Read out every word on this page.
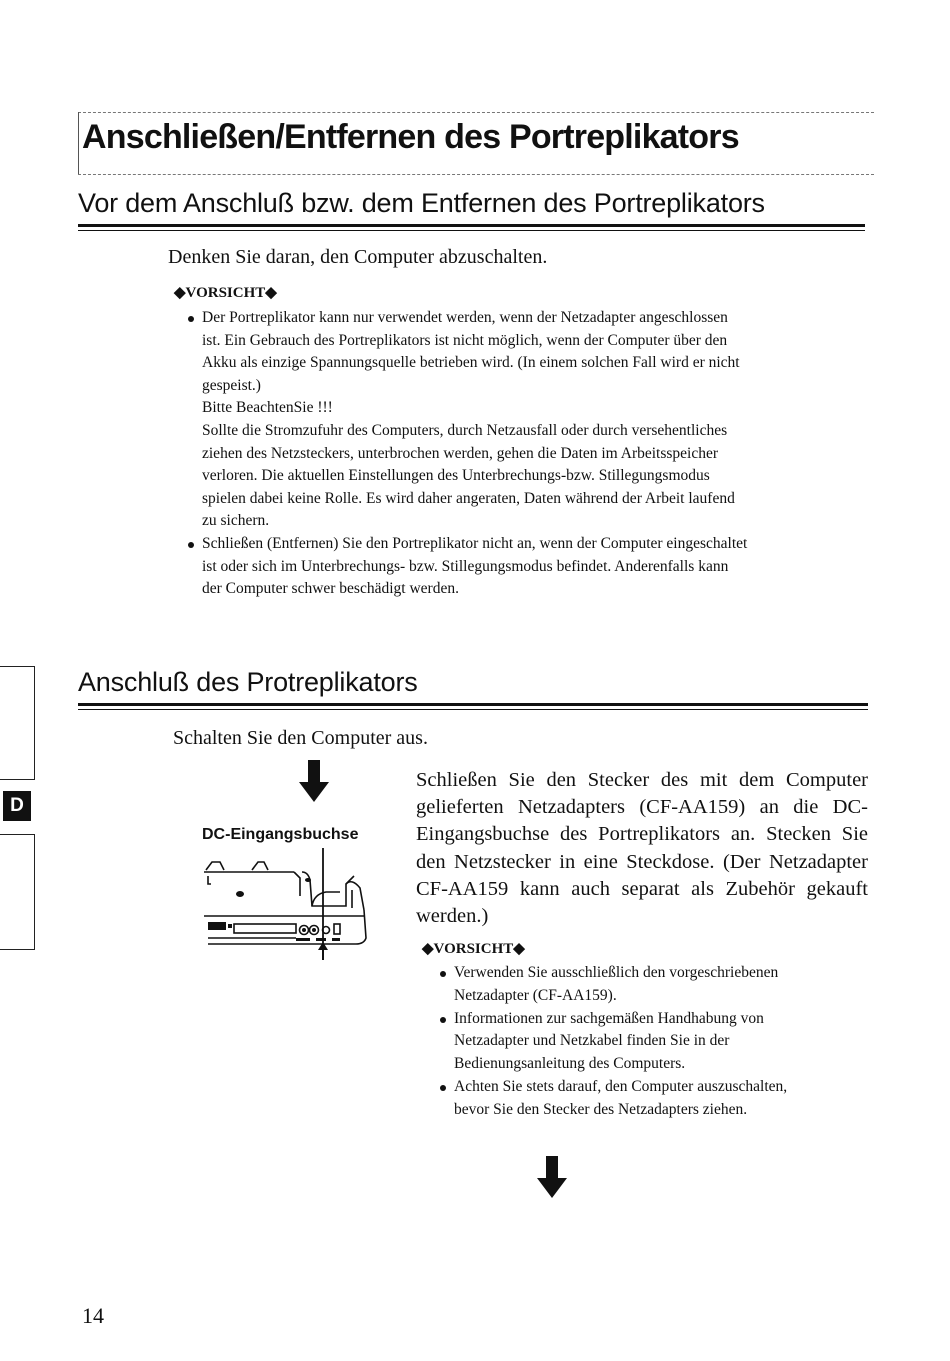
Anschließen/Entfernen des Portreplikators
Vor dem Anschluß bzw. dem Entfernen des Portreplikators
Denken Sie daran, den Computer abzuschalten.
◆VORSICHT◆
Der Portreplikator kann nur verwendet werden, wenn der Netzadapter angeschlossen
ist. Ein Gebrauch des Portreplikators ist nicht möglich, wenn der Computer über den
Akku als einzige Spannungsquelle betrieben wird. (In einem solchen Fall wird er nicht
gespeist.)
Bitte BeachtenSie !!!
Sollte die Stromzufuhr des Computers, durch Netzausfall oder durch versehentliches
ziehen des Netzsteckers, unterbrochen werden, gehen die Daten im Arbeitsspeicher
verloren. Die aktuellen Einstellungen des Unterbrechungs-bzw. Stillegungsmodus
spielen dabei keine Rolle. Es wird daher angeraten, Daten während der Arbeit laufend
zu sichern.
Schließen (Entfernen) Sie den Portreplikator nicht an, wenn der Computer eingeschaltet
ist oder sich im Unterbrechungs- bzw. Stillegungsmodus befindet. Anderenfalls kann
der Computer schwer beschädigt werden.
D
Anschluß des Protreplikators
Schalten Sie den Computer aus.
DC-Eingangsbuchse

Schließen Sie den Stecker des mit dem Computer gelieferten Netzadapters (CF-AA159) an die DC-Eingangsbuchse des Portreplikators an. Stecken Sie den Netzstecker in eine Steckdose. (Der Netzadapter CF-AA159 kann auch separat als Zubehör gekauft werden.)

◆VORSICHT◆
Verwenden Sie ausschließlich den vorgeschriebenen
Netzadapter (CF-AA159).
Informationen zur sachgemäßen Handhabung von
Netzadapter und Netzkabel finden Sie in der
Bedienungsanleitung des Computers.
Achten Sie stets darauf, den Computer auszuschalten,
bevor Sie den Stecker des Netzadapters ziehen.
14
